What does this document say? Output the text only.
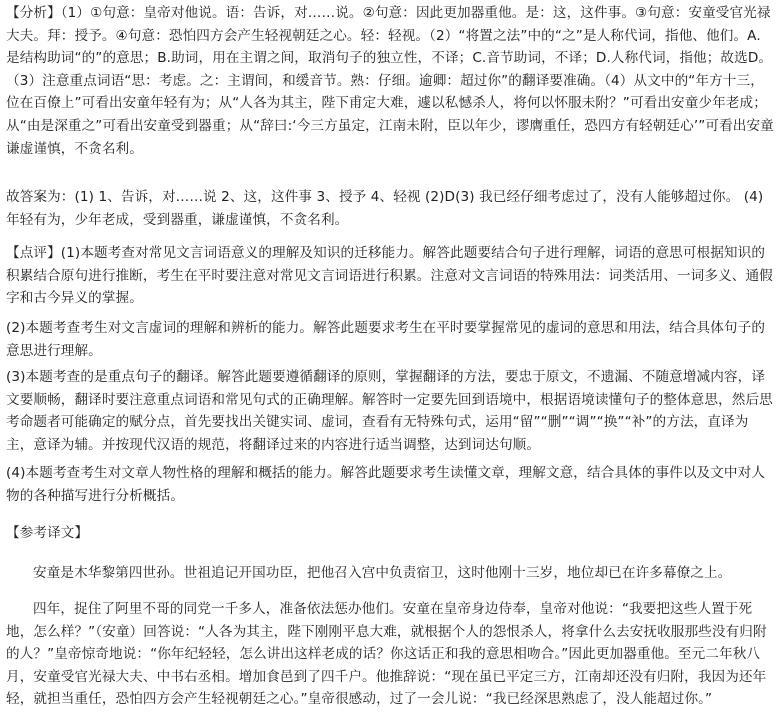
【分析】（1）①句意：皇帝对他说。语：告诉，对……说。②句意：因此更加器重他。是：这，这件事。③句意：安童受官光禄大夫。拜：授予。④句意：恐怕四方会产生轻视朝廷之心。轻：轻视。（2）“将置之法”中的“之”是人称代词，指他、他们。A.是结构助词“的”的意思；B.助词，用在主谓之间，取消句子的独立性，不译；C.音节助词，不译；D.人称代词，指他；故选D。（3）注意重点词语“思：考虑。之：主谓间，和缓音节。熟：仔细。逾卿：超过你”的翻译要准确。（4）从文中的“年方十三，位在百僚上”可看出安童年轻有为；从“人各为其主，陛下甫定大难，遽以私憾杀人，将何以怀服未附？”可看出安童少年老成；从“由是深重之”可看出安童受到器重；从“辞曰:‘今三方虽定，江南未附，臣以年少，谬膺重任，恐四方有轻朝廷心’”可看出安童谦虚谨慎，不贪名利。
故答案为：(1) 1、告诉，对……说 2、这，这件事 3、授予 4、轻视 (2)D(3) 我已经仔细考虑过了，没有人能够超过你。 (4) 年轻有为，少年老成，受到器重，谦虚谨慎，不贪名利。
【点评】(1)本题考查对常见文言词语意义的理解及知识的迁移能力。解答此题要结合句子进行理解，词语的意思可根据知识的积累结合原句进行推断，考生在平时要注意对常见文言词语进行积累。注意对文言词语的特殊用法：词类活用、一词多义、通假字和古今异义的掌握。
(2)本题考查考生对文言虚词的理解和辨析的能力。解答此题要求考生在平时要掌握常见的虚词的意思和用法，结合具体句子的意思进行理解。
(3)本题考查的是重点句子的翻译。解答此题要遵循翻译的原则，掌握翻译的方法，要忠于原文，不遗漏、不随意增减内容，译文要顺畅，翻译时要注意重点词语和常见句式的正确理解。解答时一定要先回到语境中，根据语境读懂句子的整体意思，然后思考命题者可能确定的赋分点，首先要找出关键实词、虚词，查看有无特殊句式，运用“留”“删”“调”“换”“补”的方法，直译为主，意译为辅。并按现代汉语的规范，将翻译过来的内容进行适当调整，达到词达句顺。
(4)本题考查考生对文章人物性格的理解和概括的能力。解答此题要求考生读懂文章，理解文意，结合具体的事件以及文中对人物的各种描写进行分析概括。
【参考译文】
安童是木华黎第四世孙。世祖追记开国功臣，把他召入宫中负责宿卫，这时他刚十三岁，地位却已在许多幕僚之上。
四年，捉住了阿里不哥的同党一千多人，准备依法惩办他们。安童在皇帝身边侍奉，皇帝对他说：“我要把这些人置于死地，怎么样？”（安童）回答说：“人各为其主，陛下刚刚平息大难，就根据个人的怨恨杀人，将拿什么去安抚收服那些没有归附的人？”皇帝惊奇地说：“你年纪轻轻，怎么讲出这样老成的话？你这话正和我的意思相吻合。”因此更加器重他。至元二年秋八月，安童受官光禄大夫、中书右丞相。增加食邑到了四千户。他推辞说：“现在虽已平定三方，江南却还没有归附，我因为还年轻，就担当重任，恐怕四方会产生轻视朝廷之心。”皇帝很感动，过了一会儿说：“我已经深思熟虑了，没人能超过你。”
